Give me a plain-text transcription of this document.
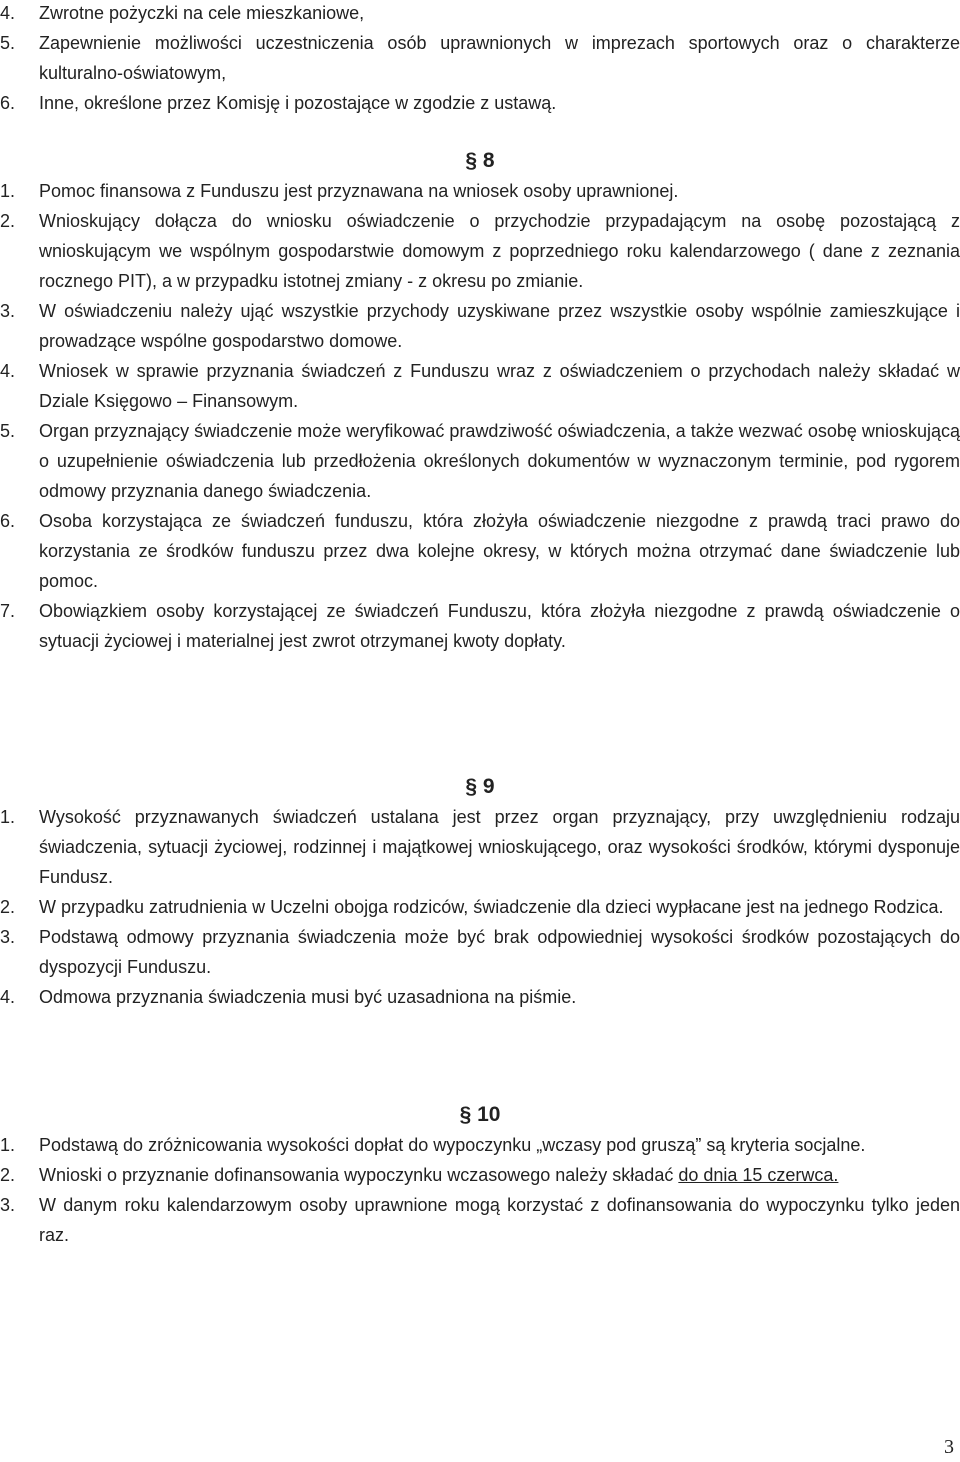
4. Zwrotne pożyczki na cele mieszkaniowe,
5. Zapewnienie możliwości uczestniczenia osób uprawnionych w imprezach sportowych oraz o charakterze kulturalno-oświatowym,
6. Inne, określone przez Komisję i pozostające w zgodzie z ustawą.
§ 8
1. Pomoc finansowa z Funduszu jest przyznawana na wniosek osoby uprawnionej.
2. Wnioskujący dołącza do wniosku oświadczenie o przychodzie przypadającym na osobę pozostającą z wnioskującym we wspólnym gospodarstwie domowym z poprzedniego roku kalendarzowego ( dane z zeznania rocznego PIT), a w przypadku istotnej zmiany - z okresu po zmianie.
3. W oświadczeniu należy ująć wszystkie przychody uzyskiwane przez wszystkie osoby wspólnie zamieszkujące i prowadzące wspólne gospodarstwo domowe.
4. Wniosek w sprawie przyznania świadczeń z Funduszu wraz z oświadczeniem o przychodach należy składać w Dziale Księgowo – Finansowym.
5. Organ przyznający świadczenie może weryfikować prawdziwość oświadczenia, a także wezwać osobę wnioskującą o uzupełnienie oświadczenia lub przedłożenia określonych dokumentów w wyznaczonym terminie, pod rygorem odmowy przyznania danego świadczenia.
6. Osoba korzystająca ze świadczeń funduszu, która złożyła oświadczenie niezgodne z prawdą traci prawo do korzystania ze środków funduszu przez dwa kolejne okresy, w których można otrzymać dane świadczenie lub pomoc.
7. Obowiązkiem osoby korzystającej ze świadczeń Funduszu, która złożyła niezgodne z prawdą oświadczenie o sytuacji życiowej i materialnej jest zwrot otrzymanej kwoty dopłaty.
§ 9
1. Wysokość przyznawanych świadczeń ustalana jest przez organ przyznający, przy uwzględnieniu rodzaju świadczenia, sytuacji życiowej, rodzinnej i majątkowej wnioskującego, oraz wysokości środków, którymi dysponuje Fundusz.
2. W przypadku zatrudnienia w Uczelni obojga rodziców, świadczenie dla dzieci wypłacane jest na jednego Rodzica.
3. Podstawą odmowy przyznania świadczenia może być brak odpowiedniej wysokości środków pozostających do dyspozycji Funduszu.
4. Odmowa przyznania świadczenia musi być uzasadniona na piśmie.
§ 10
1. Podstawą do zróżnicowania wysokości dopłat do wypoczynku „wczasy pod gruszą” są kryteria socjalne.
2. Wnioski o przyznanie dofinansowania wypoczynku wczasowego należy składać do dnia 15 czerwca.
3. W danym roku kalendarzowym osoby uprawnione mogą korzystać z dofinansowania do wypoczynku tylko jeden raz.
3
